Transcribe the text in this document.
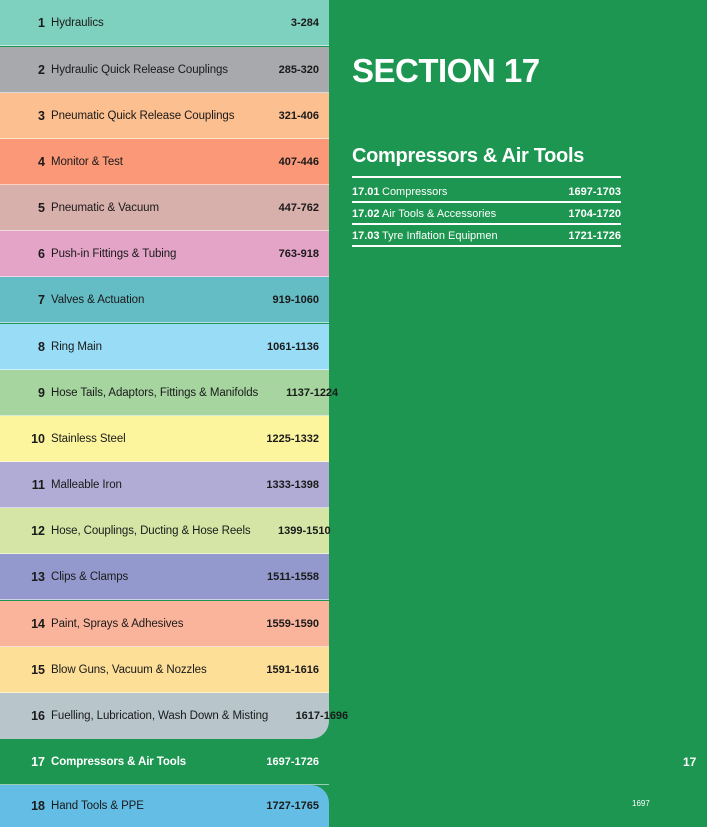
1 Hydraulics	3-284
2 Hydraulic Quick Release Couplings	285-320
3 Pneumatic Quick Release Couplings	321-406
4 Monitor & Test	407-446
5 Pneumatic & Vacuum	447-762
6 Push-in Fittings & Tubing	763-918
7 Valves & Actuation	919-1060
8 Ring Main	1061-1136
9 Hose Tails, Adaptors, Fittings & Manifolds	1137-1224
10 Stainless Steel	1225-1332
11 Malleable Iron	1333-1398
12 Hose, Couplings, Ducting & Hose Reels	1399-1510
13 Clips & Clamps	1511-1558
14 Paint, Sprays & Adhesives	1559-1590
15 Blow Guns, Vacuum & Nozzles	1591-1616
16 Fuelling, Lubrication, Wash Down & Misting	1617-1696
17 Compressors & Air Tools	1697-1726
18 Hand Tools & PPE	1727-1765
SECTION 17
Compressors & Air Tools
17.01 Compressors	1697-1703
17.02 Air Tools & Accessories	1704-1720
17.03 Tyre Inflation Equipmen	1721-1726
17
1697
